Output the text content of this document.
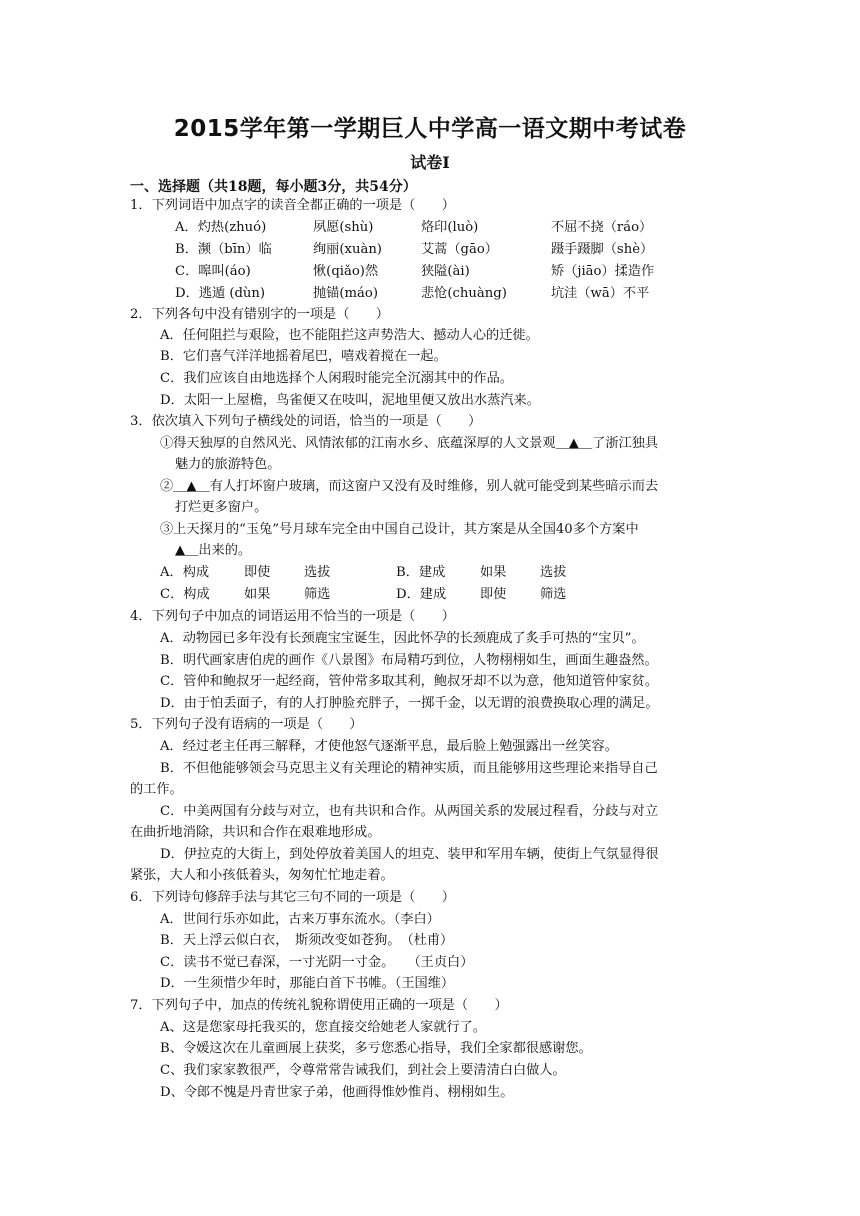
2015学年第一学期巨人中学高一语文期中考试卷
试卷Ⅰ
一、选择题（共18题，每小题3分，共54分）
1．下列词语中加点字的读音全都正确的一项是（　　）
A．灼热(zhuó)	夙愿(shù)	烙印(luò)	不屈不挠（ráo）
B．濒（bīn）临	绚丽(xuàn)	艾蒿（gāo）	蹑手蹑脚（shè）
C．嗥叫(áo)	愀(qiǎo)然	狭隘(ài)	矫（jiāo）揉造作
D．逃遁 (dùn)	抛锚(máo)	悲怆(chuàng)	坑洼（wā）不平
2．下列各句中没有错别字的一项是（　　）
A．任何阻拦与艰险，也不能阻拦这声势浩大、撼动人心的迁徙。
B．它们喜气洋洋地摇着尾巴，嘻戏着搅在一起。
C．我们应该自由地选择个人闲瑕时能完全沉溺其中的作品。
D．太阳一上屋檐，鸟雀便又在吱叫，泥地里便又放出水蒸汽来。
3．依次填入下列句子横线处的词语，恰当的一项是（　　）
①得天独厚的自然风光、风情浓郁的江南水乡、底蕴深厚的人文景观＿▲＿了浙江独具
魅力的旅游特色。
②＿▲＿有人打坏窗户玻璃，而这窗户又没有及时维修，别人就可能受到某些暗示而去
打烂更多窗户。
③上天探月的“玉兔”号月球车完全由中国自己设计，其方案是从全国40多个方案中
▲＿出来的。
A．构成	即使	选拔	B．建成	如果	选拔
C．构成	如果	筛选	D．建成	即使	筛选
4．下列句子中加点的词语运用不恰当的一项是（　　）
A．动物园已多年没有长颈鹿宝宝诞生，因此怀孕的长颈鹿成了炙手可热的“宝贝”。
B．明代画家唐伯虎的画作《八景图》布局精巧到位，人物栩栩如生，画面生趣盎然。
C．管仲和鲍叔牙一起经商，管仲常多取其利，鲍叔牙却不以为意，他知道管仲家贫。
D．由于怕丢面子，有的人打肿脸充胖子，一掷千金，以无谓的浪费换取心理的满足。
5．下列句子没有语病的一项是（　　）
A．经过老主任再三解释，才使他怒气逐渐平息，最后脸上勉强露出一丝笑容。
B．不但他能够领会马克思主义有关理论的精神实质，而且能够用这些理论来指导自己
的工作。
C．中美两国有分歧与对立，也有共识和合作。从两国关系的发展过程看，分歧与对立
在曲折地消除，共识和合作在艰难地形成。
D．伊拉克的大街上，到处停放着美国人的坦克、装甲和军用车辆，使街上气氛显得很
紧张，大人和小孩低着头，匆匆忙忙地走着。
6．下列诗句修辞手法与其它三句不同的一项是（　　）
A．世间行乐亦如此，古来万事东流水。（李白）
B．天上浮云似白衣，　斯须改变如苍狗。　（杜甫）
C．读书不觉已春深，一寸光阴一寸金。　　（王贞白）
D．一生须惜少年时，那能白首下书帷。（王国维）
7．下列句子中，加点的传统礼貌称谓使用正确的一项是（　　）
A、这是您家母托我买的，您直接交给她老人家就行了。
B、令媛这次在儿童画展上获奖，多亏您悉心指导，我们全家都很感谢您。
C、我们家家教很严，令尊常常告诫我们，到社会上要清清白白做人。
D、令郎不愧是丹青世家子弟，他画得惟妙惟肖、栩栩如生。
